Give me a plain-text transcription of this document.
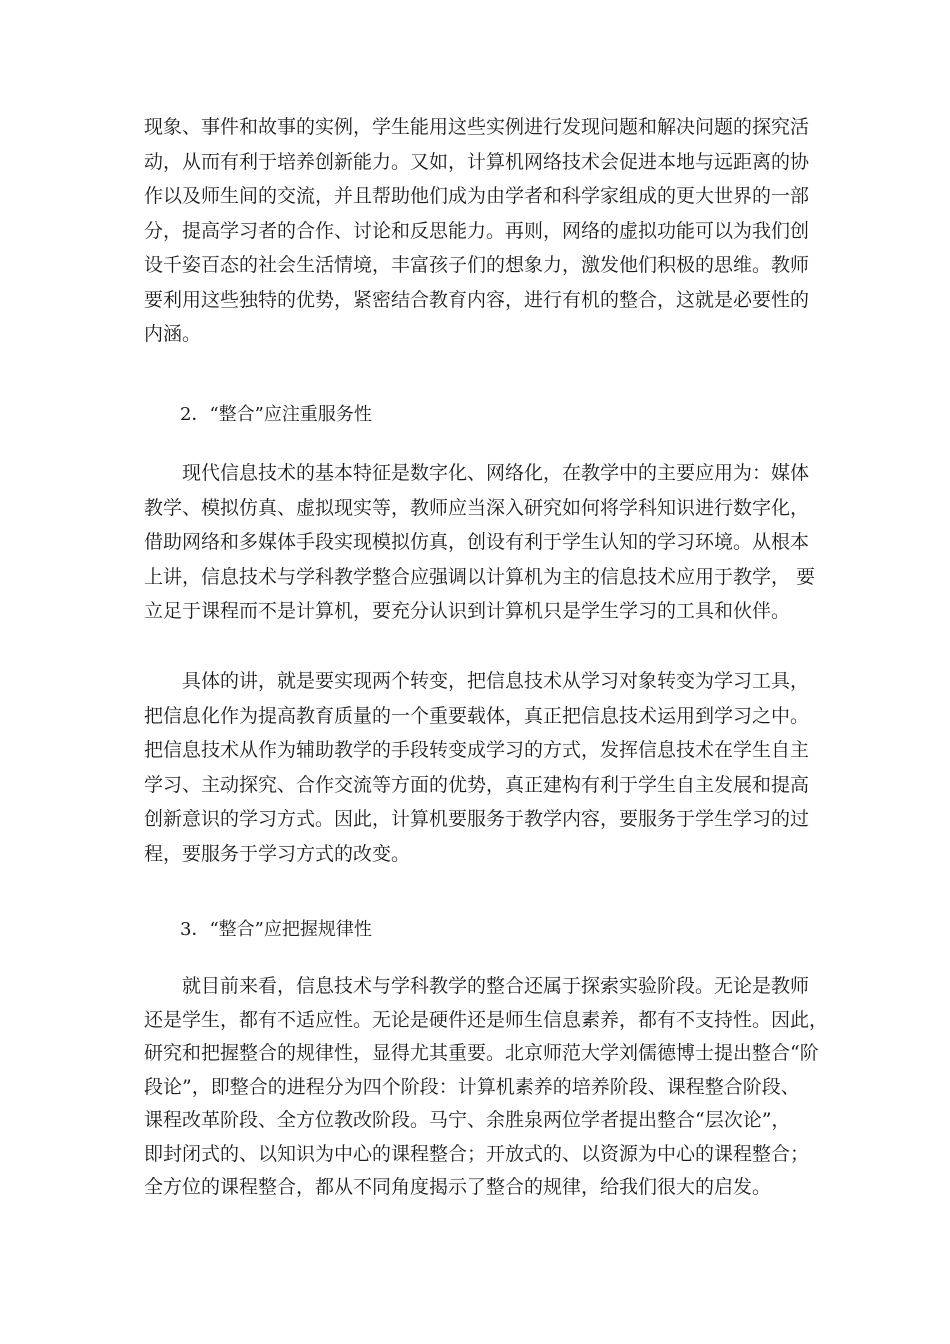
现象、事件和故事的实例，学生能用这些实例进行发现问题和解决问题的探究活

动，从而有利于培养创新能力。又如，计算机网络技术会促进本地与远距离的协

作以及师生间的交流，并且帮助他们成为由学者和科学家组成的更大世界的一部

分，提高学习者的合作、讨论和反思能力。再则，网络的虚拟功能可以为我们创

设千姿百态的社会生活情境，丰富孩子们的想象力，激发他们积极的思维。教师

要利用这些独特的优势，紧密结合教育内容，进行有机的整合，这就是必要性的

内涵。

2．“整合”应注重服务性

现代信息技术的基本特征是数字化、网络化，在教学中的主要应用为：媒体

教学、模拟仿真、虚拟现实等，教师应当深入研究如何将学科知识进行数字化，

借助网络和多媒体手段实现模拟仿真，创设有利于学生认知的学习环境。从根本

上讲，信息技术与学科教学整合应强调以计算机为主的信息技术应用于教学， 要

立足于课程而不是计算机，要充分认识到计算机只是学生学习的工具和伙伴。

具体的讲，就是要实现两个转变，把信息技术从学习对象转变为学习工具，

把信息化作为提高教育质量的一个重要载体，真正把信息技术运用到学习之中。

把信息技术从作为辅助教学的手段转变成学习的方式，发挥信息技术在学生自主

学习、主动探究、合作交流等方面的优势，真正建构有利于学生自主发展和提高

创新意识的学习方式。因此，计算机要服务于教学内容，要服务于学生学习的过

程，要服务于学习方式的改变。

3．“整合”应把握规律性

就目前来看，信息技术与学科教学的整合还属于探索实验阶段。无论是教师

还是学生，都有不适应性。无论是硬件还是师生信息素养，都有不支持性。因此，

研究和把握整合的规律性，显得尤其重要。北京师范大学刘儒德博士提出整合“阶

段论”，即整合的进程分为四个阶段：计算机素养的培养阶段、课程整合阶段、

课程改革阶段、全方位教改阶段。马宁、余胜泉两位学者提出整合“层次论”，

即封闭式的、以知识为中心的课程整合；开放式的、以资源为中心的课程整合；

全方位的课程整合，都从不同角度揭示了整合的规律，给我们很大的启发。
